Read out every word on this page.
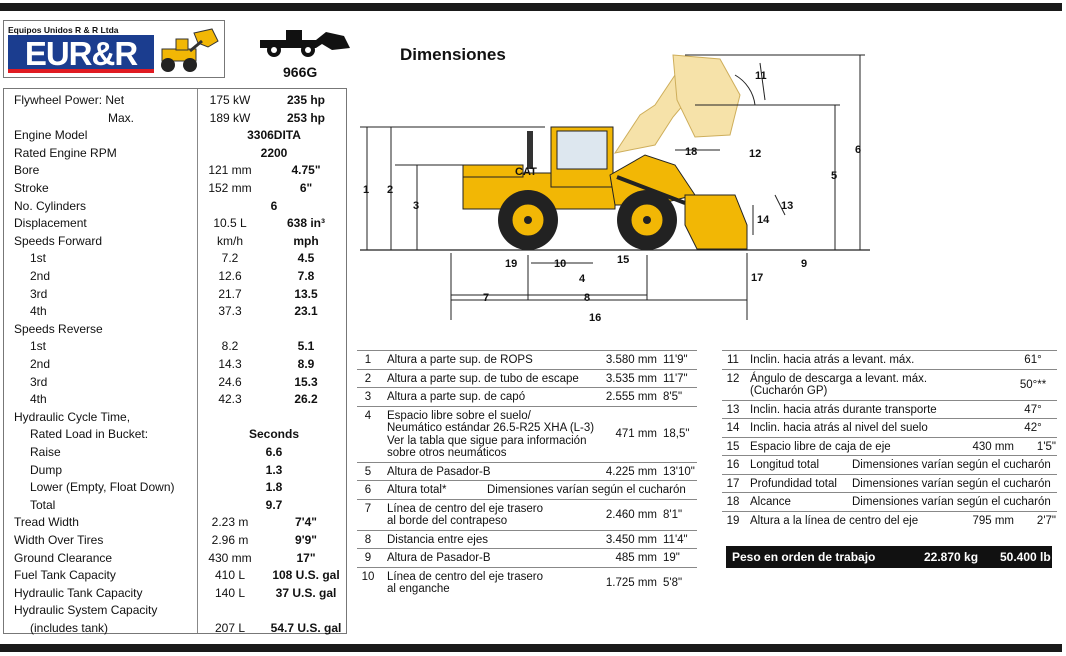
Equipos Unidos R & R Ltda
EUR&R	966G
Dimensiones
Flywheel Power: Net	175 kW	235 hp
Max.	189 kW	253 hp
Engine Model	3306DITA
Rated Engine RPM	2200
Bore	121 mm	4.75"
Stroke	152 mm	6"
No. Cylinders	6
Displacement	10.5 L	638 in³
Speeds Forward	km/h	mph
1st	7.2	4.5
2nd	12.6	7.8
3rd	21.7	13.5
4th	37.3	23.1
Speeds Reverse
1st	8.2	5.1
2nd	14.3	8.9
3rd	24.6	15.3
4th	42.3	26.2
Hydraulic Cycle Time,
Rated Load in Bucket:	Seconds
Raise	6.6
Dump	1.3
Lower (Empty, Float Down)	1.8
Total	9.7
Tread Width	2.23 m	7'4"
Width Over Tires	2.96 m	9'9"
Ground Clearance	430 mm	17"
Fuel Tank Capacity	410 L	108 U.S. gal
Hydraulic Tank Capacity	140 L	37 U.S. gal
Hydraulic System Capacity
(includes tank)	207 L	54.7 U.S. gal
CAT
1 2
3
4
5
6
7	8
9
10
11
12
13
14
15
16
17
18
19
1	Altura a parte sup. de ROPS	3.580 mm 11'9"
2	Altura a parte sup. de tubo de escape	3.535 mm 11'7"
3	Altura a parte sup. de capó	2.555 mm 8'5"
4	Espacio libre sobre el suelo/
Neumático estándar 26.5-R25 XHA (L-3)
Ver la tabla que sigue para información
sobre otros neumáticos
471 mm 18,5"
5	Altura de Pasador-B	4.225 mm 13'10"
6	Altura total*	Dimensiones varían según el cucharón
7	Línea de centro del eje trasero
al borde del contrapeso
2.460 mm 8'1"
8	Distancia entre ejes	3.450 mm 11'4"
9	Altura de Pasador-B	485 mm 19"
10 Línea de centro del eje trasero
al enganche
1.725 mm 5'8"
11 Inclin. hacia atrás a levant. máx.	61°
12 Ángulo de descarga a levant. máx.
(Cucharón GP)
50°**
13 Inclin. hacia atrás durante transporte	47°
14 Inclin. hacia atrás al nivel del suelo	42°
15 Espacio libre de caja de eje	430 mm	1'5"
16 Longitud total	Dimensiones varían según el cucharón
17 Profundidad total Dimensiones varían según el cucharón
18 Alcance	Dimensiones varían según el cucharón
19 Altura a la línea de centro del eje	795 mm	2'7"
Peso en orden de trabajo	22.870 kg 50.400 lb
